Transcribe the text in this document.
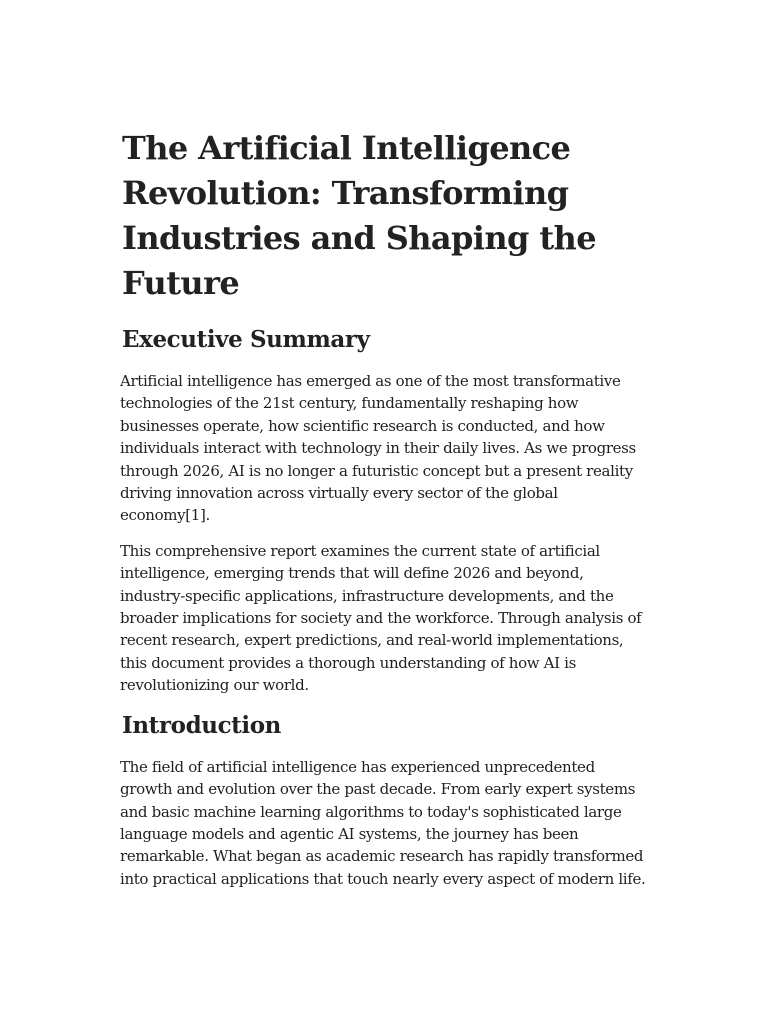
The Artificial Intelligence Revolution: Transforming Industries and Shaping the Future
Executive Summary

Artificial intelligence has emerged as one of the most transformative technologies of the 21st century, fundamentally reshaping how businesses operate, how scientific research is conducted, and how individuals interact with technology in their daily lives. As we progress through 2026, AI is no longer a futuristic concept but a present reality driving innovation across virtually every sector of the global economy[1].

This comprehensive report examines the current state of artificial intelligence, emerging trends that will define 2026 and beyond, industry-specific applications, infrastructure developments, and the broader implications for society and the workforce. Through analysis of recent research, expert predictions, and real-world implementations, this document provides a thorough understanding of how AI is revolutionizing our world.

Introduction

The field of artificial intelligence has experienced unprecedented growth and evolution over the past decade. From early expert systems and basic machine learning algorithms to today's sophisticated large language models and agentic AI systems, the journey has been remarkable. What began as academic research has rapidly transformed into practical applications that touch nearly every aspect of modern life.
